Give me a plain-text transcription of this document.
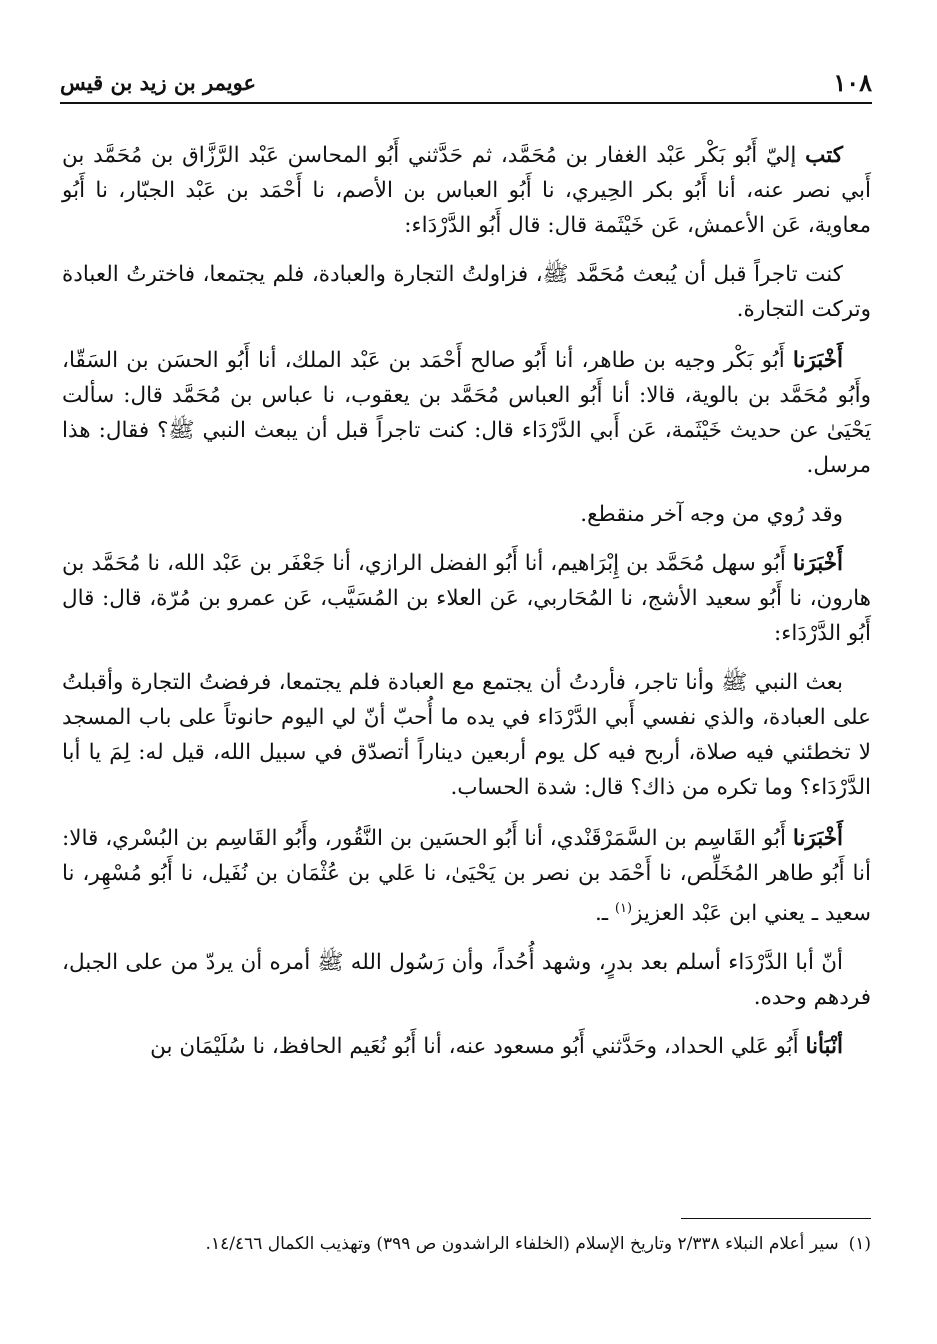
١٠٨
عويمر بن زيد بن قيس

كتب إليّ أَبُو بَكْر عَبْد الغفار بن مُحَمَّد، ثم حَدَّثني أَبُو المحاسن عَبْد الرَّزَّاق بن مُحَمَّد بن أَبي نصر عنه، أنا أَبُو بكر الحِيري، نا أَبُو العباس بن الأصم، نا أَحْمَد بن عَبْد الجبّار، نا أَبُو معاوية، عَن الأعمش، عَن خَيْثَمة قال: قال أَبُو الدَّرْدَاء:

كنت تاجراً قبل أن يُبعث مُحَمَّد ﷺ، فزاولتُ التجارة والعبادة، فلم يجتمعا، فاخترتُ العبادة وتركت التجارة.

أَخْبَرَنا أَبُو بَكْر وجيه بن طاهر، أنا أَبُو صالح أَحْمَد بن عَبْد الملك، أنا أَبُو الحسَن بن السَقّا، وأَبُو مُحَمَّد بن بالوية، قالا: أنا أَبُو العباس مُحَمَّد بن يعقوب، نا عباس بن مُحَمَّد قال: سألت يَحْيَىٰ عن حديث خَيْثَمة، عَن أَبي الدَّرْدَاء قال: كنت تاجراً قبل أن يبعث النبي ﷺ؟ فقال: هذا مرسل.

وقد رُوي من وجه آخر منقطع.

أَخْبَرَنا أَبُو سهل مُحَمَّد بن إِبْرَاهيم، أنا أَبُو الفضل الرازي، أنا جَعْفَر بن عَبْد الله، نا مُحَمَّد بن هارون، نا أَبُو سعيد الأشج، نا المُحَاربي، عَن العلاء بن المُسَيَّب، عَن عمرو بن مُرّة، قال: قال أَبُو الدَّرْدَاء:

بعث النبي ﷺ وأنا تاجر، فأردتُ أن يجتمع مع العبادة فلم يجتمعا، فرفضتُ التجارة وأقبلتُ على العبادة، والذي نفسي أَبي الدَّرْدَاء في يده ما أُحبّ أنّ لي اليوم حانوتاً على باب المسجد لا تخطئني فيه صلاة، أربح فيه كل يوم أربعين ديناراً أتصدّق في سبيل الله، قيل له: لِمَ يا أبا الدَّرْدَاء؟ وما تكره من ذاك؟ قال: شدة الحساب.

أَخْبَرَنا أَبُو القَاسِم بن السَّمَرْقَنْدي، أنا أَبُو الحسَين بن النَّقُور، وأَبُو القَاسِم بن البُسْري، قالا: أنا أَبُو طاهر المُخَلِّص، نا أَحْمَد بن نصر بن يَحْيَىٰ، نا عَلي بن عُثْمَان بن نُفَيل، نا أَبُو مُسْهِر، نا سعيد ـ يعني ابن عَبْد العزيز$^{(١)}$ ـ.

أنّ أبا الدَّرْدَاء أسلم بعد بدرٍ، وشهد أُحُداً، وأن رَسُول الله ﷺ أمره أن يردّ من على الجبل، فردهم وحده.

أنْبَأنا أَبُو عَلي الحداد، وحَدَّثني أَبُو مسعود عنه، أنا أَبُو نُعَيم الحافظ، نا سُلَيْمَان بن

(١)سير أعلام النبلاء ٢/٣٣٨ وتاريخ الإسلام (الخلفاء الراشدون ص ٣٩٩) وتهذيب الكمال ١٤/٤٦٦.
